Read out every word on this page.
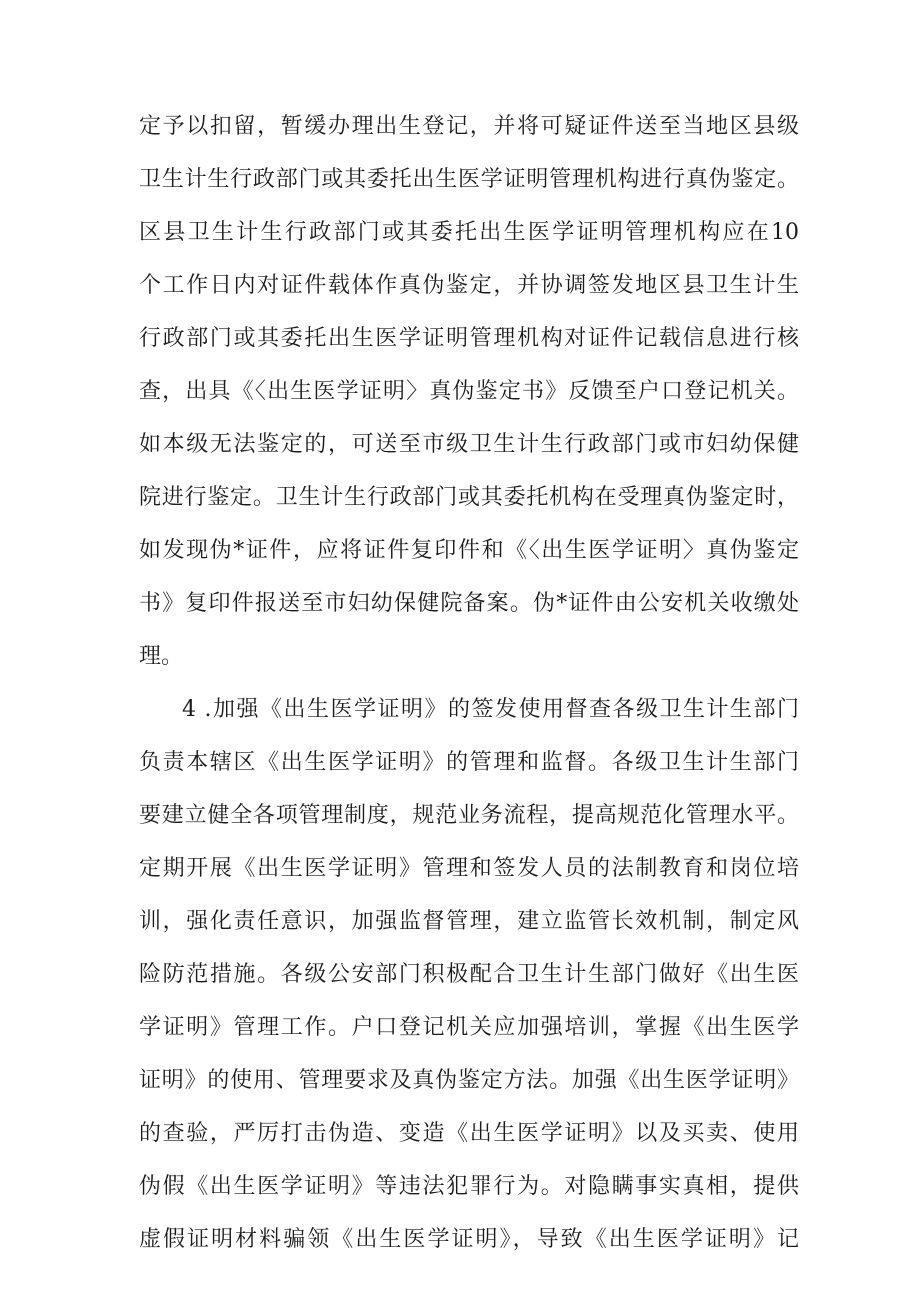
定予以扣留，暂缓办理出生登记，并将可疑证件送至当地区县级
卫生计生行政部门或其委托出生医学证明管理机构进行真伪鉴定。
区县卫生计生行政部门或其委托出生医学证明管理机构应在10
个工作日内对证件载体作真伪鉴定，并协调签发地区县卫生计生
行政部门或其委托出生医学证明管理机构对证件记载信息进行核
查，出具《〈出生医学证明〉真伪鉴定书》反馈至户口登记机关。
如本级无法鉴定的，可送至市级卫生计生行政部门或市妇幼保健
院进行鉴定。卫生计生行政部门或其委托机构在受理真伪鉴定时，
如发现伪*证件，应将证件复印件和《〈出生医学证明〉真伪鉴定
书》复印件报送至市妇幼保健院备案。伪*证件由公安机关收缴处
理。
4 .加强《出生医学证明》的签发使用督查各级卫生计生部门
负责本辖区《出生医学证明》的管理和监督。各级卫生计生部门
要建立健全各项管理制度，规范业务流程，提高规范化管理水平。
定期开展《出生医学证明》管理和签发人员的法制教育和岗位培
训，强化责任意识，加强监督管理，建立监管长效机制，制定风
险防范措施。各级公安部门积极配合卫生计生部门做好《出生医
学证明》管理工作。户口登记机关应加强培训，掌握《出生医学
证明》的使用、管理要求及真伪鉴定方法。加强《出生医学证明》
的查验，严厉打击伪造、变造《出生医学证明》以及买卖、使用
伪假《出生医学证明》等违法犯罪行为。对隐瞒事实真相，提供
虚假证明材料骗领《出生医学证明》，导致《出生医学证明》记
